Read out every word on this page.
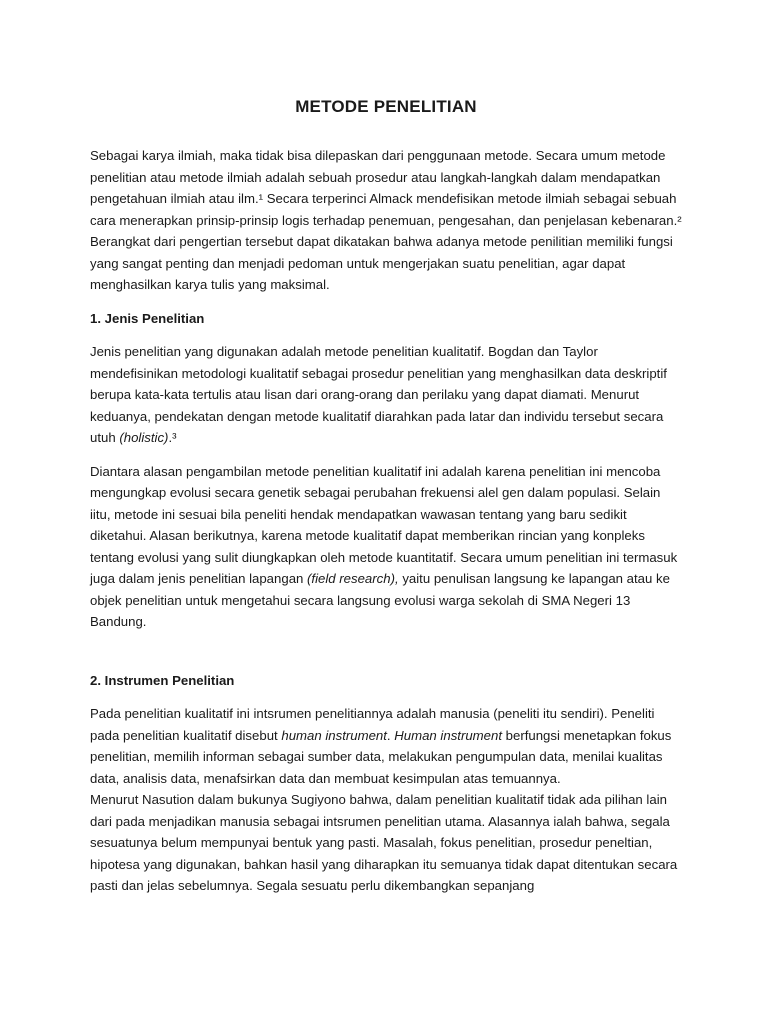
METODE PENELITIAN

Sebagai karya ilmiah, maka tidak bisa dilepaskan dari penggunaan metode. Secara umum metode penelitian atau metode ilmiah adalah sebuah prosedur atau langkah-langkah dalam mendapatkan pengetahuan ilmiah atau ilm.¹ Secara terperinci Almack mendefisikan metode ilmiah sebagai sebuah cara menerapkan prinsip-prinsip logis terhadap penemuan, pengesahan, dan penjelasan kebenaran.² Berangkat dari pengertian tersebut dapat dikatakan bahwa adanya metode penilitian memiliki fungsi yang sangat penting dan menjadi pedoman untuk mengerjakan suatu penelitian, agar dapat menghasilkan karya tulis yang maksimal.

1. Jenis Penelitian

Jenis penelitian yang digunakan adalah metode penelitian kualitatif. Bogdan dan Taylor mendefisinikan metodologi kualitatif sebagai prosedur penelitian yang menghasilkan data deskriptif berupa kata-kata tertulis atau lisan dari orang-orang dan perilaku yang dapat diamati. Menurut keduanya, pendekatan dengan metode kualitatif diarahkan pada latar dan individu tersebut secara utuh (holistic).³

Diantara alasan pengambilan metode penelitian kualitatif ini adalah karena penelitian ini mencoba mengungkap evolusi secara genetik sebagai perubahan frekuensi alel gen dalam populasi. Selain iitu, metode ini sesuai bila peneliti hendak mendapatkan wawasan tentang yang baru sedikit diketahui. Alasan berikutnya, karena metode kualitatif dapat memberikan rincian yang konpleks tentang evolusi yang sulit diungkapkan oleh metode kuantitatif. Secara umum penelitian ini termasuk juga dalam jenis penelitian lapangan (field research), yaitu penulisan langsung ke lapangan atau ke objek penelitian untuk mengetahui secara langsung evolusi warga sekolah di SMA Negeri 13 Bandung.

2. Instrumen Penelitian

Pada penelitian kualitatif ini intsrumen penelitiannya adalah manusia (peneliti itu sendiri). Peneliti pada penelitian kualitatif disebut human instrument. Human instrument berfungsi menetapkan fokus penelitian, memilih informan sebagai sumber data, melakukan pengumpulan data, menilai kualitas data, analisis data, menafsirkan data dan membuat kesimpulan atas temuannya.

Menurut Nasution dalam bukunya Sugiyono bahwa, dalam penelitian kualitatif tidak ada pilihan lain dari pada menjadikan manusia sebagai intsrumen penelitian utama. Alasannya ialah bahwa, segala sesuatunya belum mempunyai bentuk yang pasti. Masalah, fokus penelitian, prosedur peneltian, hipotesa yang digunakan, bahkan hasil yang diharapkan itu semuanya tidak dapat ditentukan secara pasti dan jelas sebelumnya. Segala sesuatu perlu dikembangkan sepanjang
